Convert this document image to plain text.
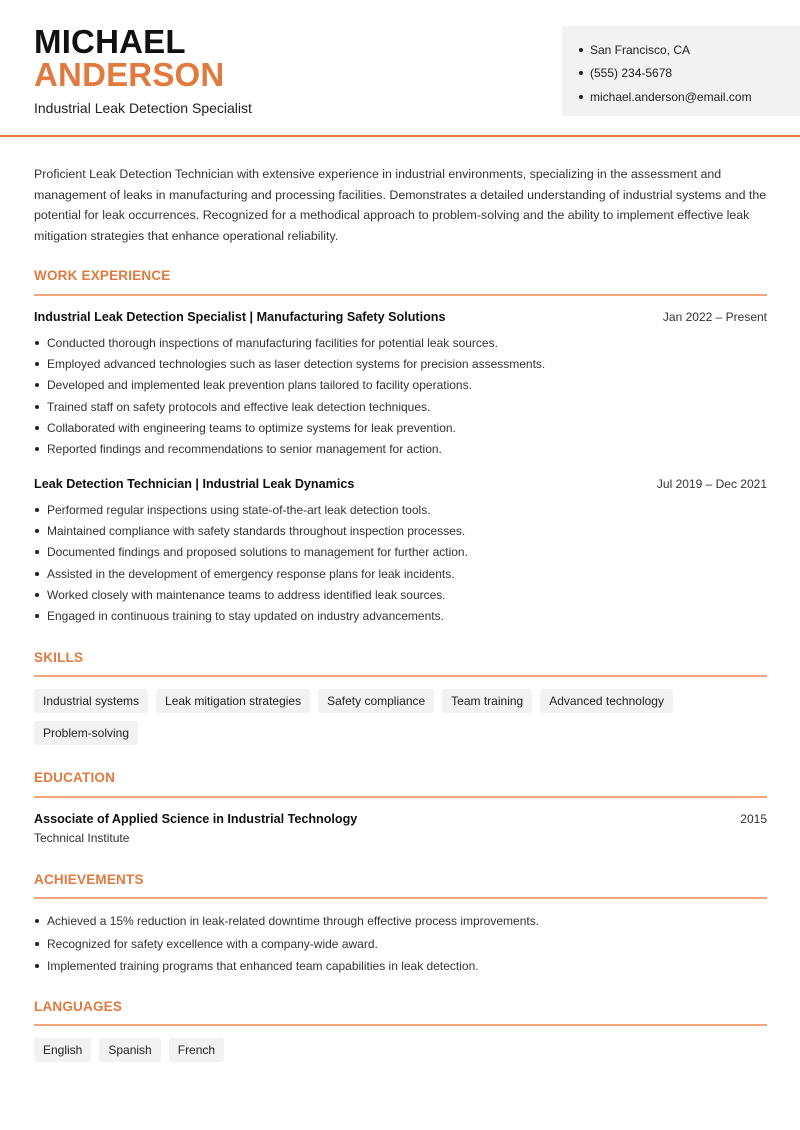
MICHAEL
ANDERSON
Industrial Leak Detection Specialist
San Francisco, CA
(555) 234-5678
michael.anderson@email.com

Proficient Leak Detection Technician with extensive experience in industrial environments, specializing in the assessment and management of leaks in manufacturing and processing facilities. Demonstrates a detailed understanding of industrial systems and the potential for leak occurrences. Recognized for a methodical approach to problem-solving and the ability to implement effective leak mitigation strategies that enhance operational reliability.

WORK EXPERIENCE
Industrial Leak Detection Specialist | Manufacturing Safety Solutions	Jan 2022 – Present
Conducted thorough inspections of manufacturing facilities for potential leak sources.
Employed advanced technologies such as laser detection systems for precision assessments.
Developed and implemented leak prevention plans tailored to facility operations.
Trained staff on safety protocols and effective leak detection techniques.
Collaborated with engineering teams to optimize systems for leak prevention.
Reported findings and recommendations to senior management for action.
Leak Detection Technician | Industrial Leak Dynamics	Jul 2019 – Dec 2021
Performed regular inspections using state-of-the-art leak detection tools.
Maintained compliance with safety standards throughout inspection processes.
Documented findings and proposed solutions to management for further action.
Assisted in the development of emergency response plans for leak incidents.
Worked closely with maintenance teams to address identified leak sources.
Engaged in continuous training to stay updated on industry advancements.
SKILLS
Industrial systems	Leak mitigation strategies	Safety compliance	Team training	Advanced technology
Problem-solving
EDUCATION
Associate of Applied Science in Industrial Technology	2015
Technical Institute
ACHIEVEMENTS
Achieved a 15% reduction in leak-related downtime through effective process improvements.
Recognized for safety excellence with a company-wide award.
Implemented training programs that enhanced team capabilities in leak detection.
LANGUAGES
English	Spanish	French
